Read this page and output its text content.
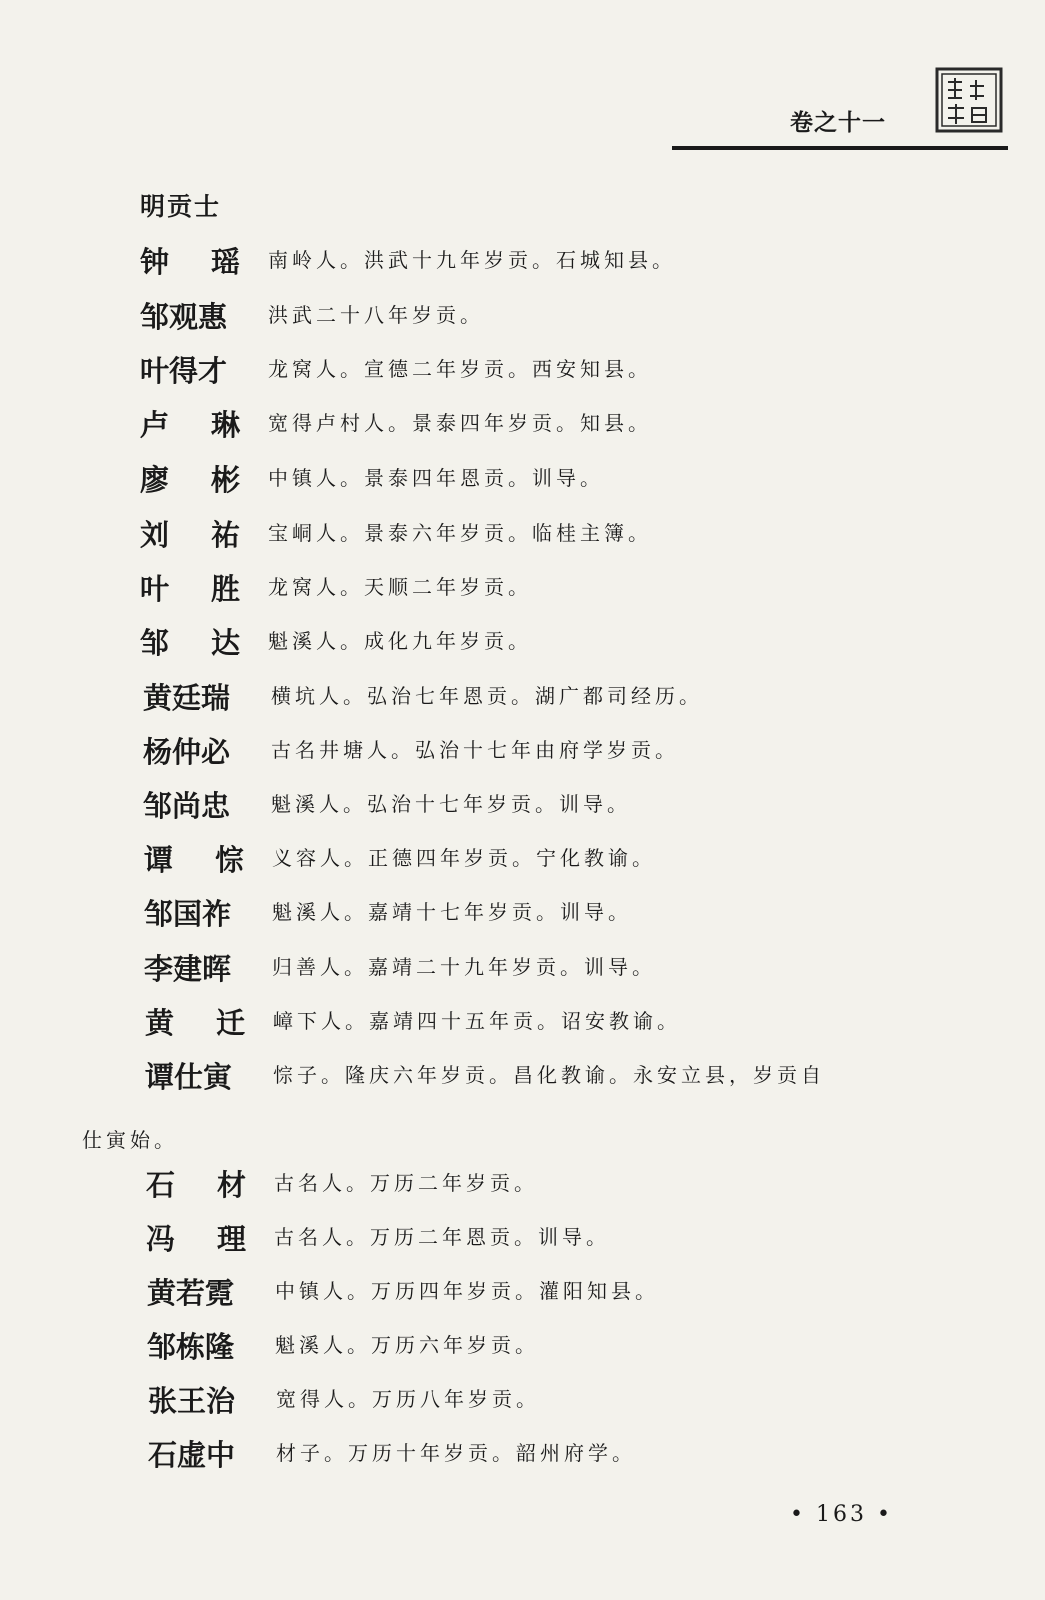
卷之十一
明贡士
钟 瑶 南岭人。洪武十九年岁贡。石城知县。
邹观惠	洪武二十八年岁贡。
叶得才	龙窝人。宣德二年岁贡。西安知县。
卢 琳 宽得卢村人。景泰四年岁贡。知县。
廖 彬 中镇人。景泰四年恩贡。训导。
刘 祐 宝峒人。景泰六年岁贡。临桂主簿。
叶 胜 龙窝人。天顺二年岁贡。
邹 达 魁溪人。成化九年岁贡。
黄廷瑞	横坑人。弘治七年恩贡。湖广都司经历。
杨仲必	古名井塘人。弘治十七年由府学岁贡。
邹尚忠	魁溪人。弘治十七年岁贡。训导。
谭 悰 义容人。正德四年岁贡。宁化教谕。
邹国祚	魁溪人。嘉靖十七年岁贡。训导。
李建晖	归善人。嘉靖二十九年岁贡。训导。
黄 迁 嶂下人。嘉靖四十五年贡。诏安教谕。
谭仕寅	悰子。隆庆六年岁贡。昌化教谕。永安立县，岁贡自
石 材 古名人。万历二年岁贡。
冯 理 古名人。万历二年恩贡。训导。
黄若霓	中镇人。万历四年岁贡。灌阳知县。
邹栋隆	魁溪人。万历六年岁贡。
张王治	宽得人。万历八年岁贡。
石虚中	材子。万历十年岁贡。韶州府学。
仕寅始。
• 163 •
